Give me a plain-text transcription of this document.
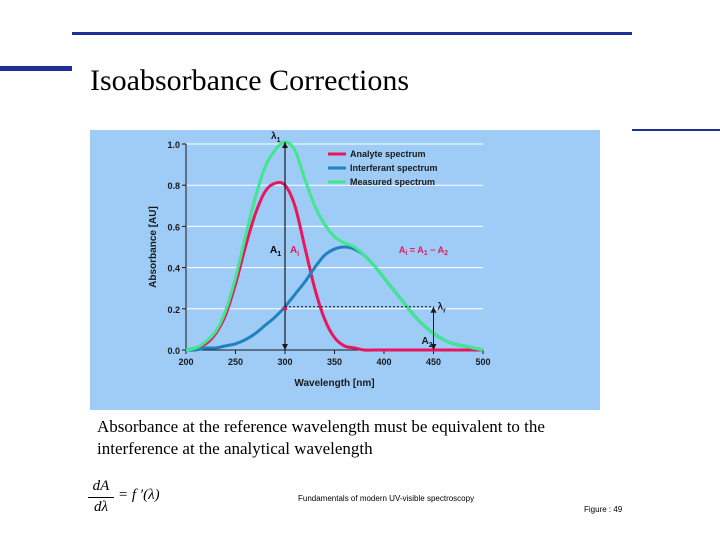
Isoabsorbance Corrections
0.0
0.2
0.4
0.6
0.8
1.0
200	250	300	350	400	450	500
$\lambda_1$
$\lambda_r$
$A_1$ $A_i$
$A_2$
$A_i = A_1 - A_2$
Analyte spectrum
Interferant spectrum
Measured spectrum
Wavelength [nm]
Absorbance [AU]
Absorbance at the reference wavelength must be equivalent to the interference at the analytical wavelength
dA
dλ
= f ′(λ)	Fundamentals of modern UV-visible spectroscopy
Figure : 49
